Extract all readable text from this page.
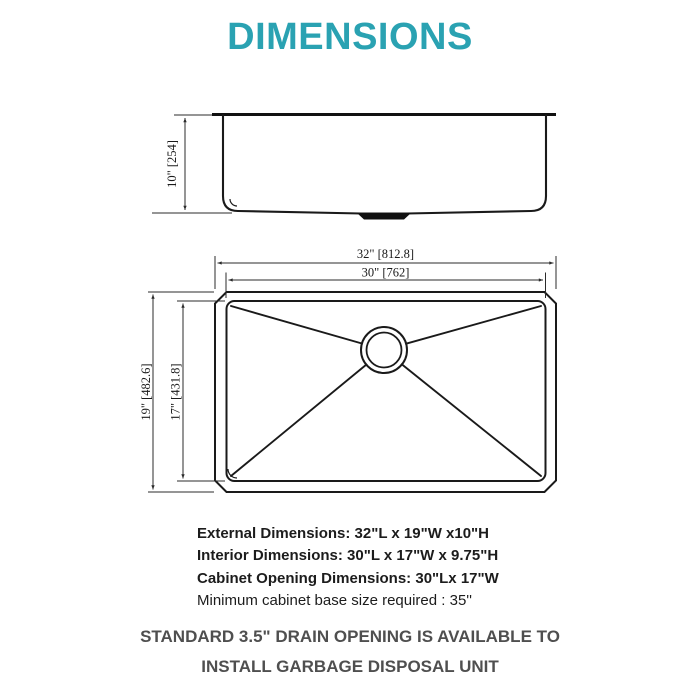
DIMENSIONS
10" [254]
32" [812.8]
30" [762]
19" [482.6] 17" [431.8]
External Dimensions: 32"L x 19"W x10"H
Interior Dimensions: 30"L x 17"W x 9.75"H
Cabinet Opening Dimensions: 30"Lx 17"W
Minimum cabinet base size required : 35''
STANDARD 3.5" DRAIN OPENING IS AVAILABLE TO
INSTALL GARBAGE DISPOSAL UNIT
